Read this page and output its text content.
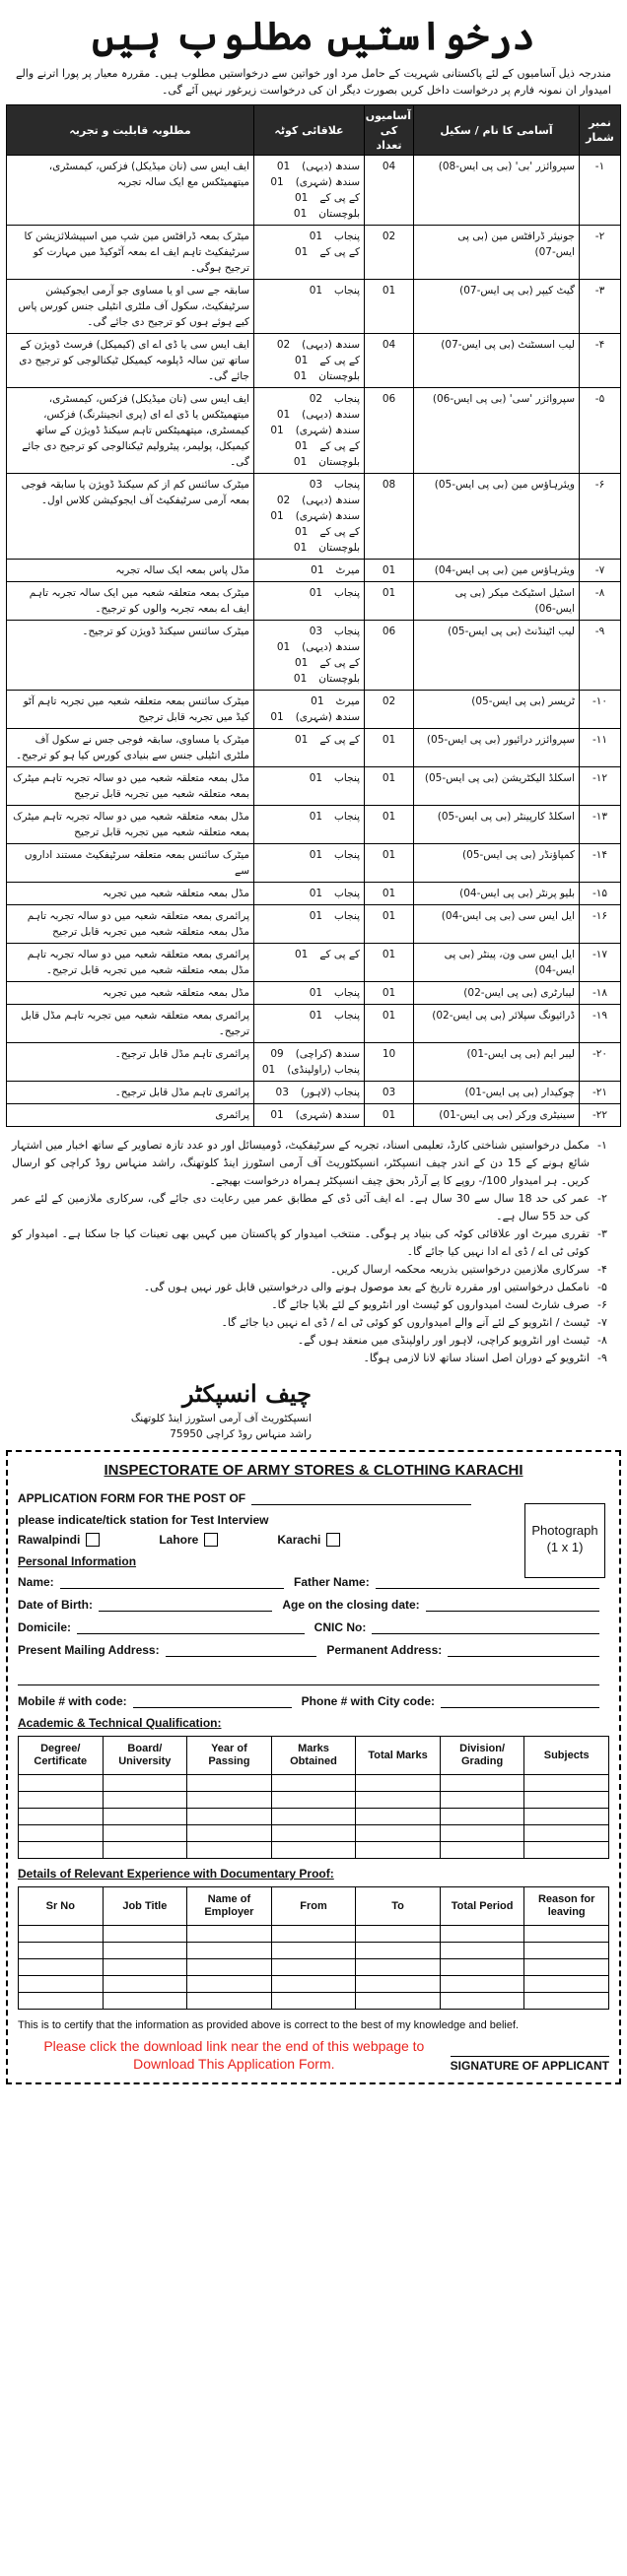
درخواستیں مطلوب ہیں
مندرجہ ذیل آسامیوں کے لئے پاکستانی شہریت کے حامل مرد اور خواتین سے درخواستیں مطلوب ہیں۔ مقررہ معیار پر پورا اترنے والے امیدوار ان نمونہ فارم پر درخواست داخل کریں بصورت دیگر ان کی درخواست زیرغور نہیں آئے گی۔
نمبر شمار	آسامی کا نام / سکیل	آسامیوں کی تعداد	علاقائی کوٹہ	مطلوبہ قابلیت و تجربہ
۱-	سپروائزر 'بی' (بی پی ایس-08)	04	سندھ (دیہی) 01
سندھ (شہری) 01
کے پی کے 01
بلوچستان 01	ایف ایس سی (نان میڈیکل) فزکس، کیمسٹری، میتھمیٹکس مع ایک سالہ تجربہ
۲-	جونیئر ڈرافٹس مین (بی پی ایس-07)	02	پنجاب 01
کے پی کے 01	میٹرک بمعہ ڈرافٹس مین شپ میں اسپیشلائزیشن کا سرٹیفکیٹ تاہم ایف اے بمعہ آٹوکیڈ میں مہارت کو ترجیح ہوگی۔
۳-	گیٹ کیپر (بی پی ایس-07)	01	پنجاب 01	سابقہ جے سی او یا مساوی جو آرمی ایجوکیشن سرٹیفکیٹ، سکول آف ملٹری انٹیلی جنس کورس پاس کیے ہوئے ہوں کو ترجیح دی جائے گی۔
۴-	لیب اسسٹنٹ (بی پی ایس-07)	04	سندھ (دیہی) 02
کے پی کے 01
بلوچستان 01	ایف ایس سی یا ڈی اے ای (کیمیکل) فرسٹ ڈویژن کے ساتھ تین سالہ ڈپلومہ کیمیکل ٹیکنالوجی کو ترجیح دی جائے گی۔
۵-	سپروائزر 'سی' (بی پی ایس-06)	06	پنجاب 02
سندھ (دیہی) 01
سندھ (شہری) 01
کے پی کے 01
بلوچستان 01	ایف ایس سی (نان میڈیکل) فزکس، کیمسٹری، میتھمیٹکس یا ڈی اے ای (پری انجینئرنگ) فزکس، کیمسٹری، میتھمیٹکس تاہم سیکنڈ ڈویژن کے ساتھ کیمیکل، پولیمر، پیٹرولیم ٹیکنالوجی کو ترجیح دی جائے گی۔
۶-	ویئرہاؤس مین (بی پی ایس-05)	08	پنجاب 03
سندھ (دیہی) 02
سندھ (شہری) 01
کے پی کے 01
بلوچستان 01	میٹرک سائنس کم از کم سیکنڈ ڈویژن یا سابقہ فوجی بمعہ آرمی سرٹیفکیٹ آف ایجوکیشن کلاس اول۔
۷-	ویئرہاؤس مین (بی پی ایس-04)	01	میرٹ 01	مڈل پاس بمعہ ایک سالہ تجربہ
۸-	اسٹیل اسٹیکٹ میکر (بی پی ایس-06)	01	پنجاب 01	میٹرک بمعہ متعلقہ شعبہ میں ایک سالہ تجربہ تاہم ایف اے بمعہ تجربہ والوں کو ترجیح۔
۹-	لیب اٹینڈنٹ (بی پی ایس-05)	06	پنجاب 03
سندھ (دیہی) 01
کے پی کے 01
بلوچستان 01	میٹرک سائنس سیکنڈ ڈویژن کو ترجیح۔
۱۰-	ٹریسر (بی پی ایس-05)	02	میرٹ 01
سندھ (شہری) 01	میٹرک سائنس بمعہ متعلقہ شعبہ میں تجربہ تاہم آٹو کیڈ میں تجربہ قابل ترجیح
۱۱-	سپروائزر درائیور (بی پی ایس-05)	01	کے پی کے 01	میٹرک یا مساوی، سابقہ فوجی جس نے سکول آف ملٹری انٹیلی جنس سے بنیادی کورس کیا ہو کو ترجیح۔
۱۲-	اسکلڈ الیکٹریشن (بی پی ایس-05)	01	پنجاب 01	مڈل بمعہ متعلقہ شعبہ میں دو سالہ تجربہ تاہم میٹرک بمعہ متعلقہ شعبہ میں تجربہ قابل ترجیح
۱۳-	اسکلڈ کارپینٹر (بی پی ایس-05)	01	پنجاب 01	مڈل بمعہ متعلقہ شعبہ میں دو سالہ تجربہ تاہم میٹرک بمعہ متعلقہ شعبہ میں تجربہ قابل ترجیح
۱۴-	کمپاؤنڈر (بی پی ایس-05)	01	پنجاب 01	میٹرک سائنس بمعہ متعلقہ سرٹیفکیٹ مستند اداروں سے
۱۵-	بلیو پرنٹر (بی پی ایس-04)	01	پنجاب 01	مڈل بمعہ متعلقہ شعبہ میں تجربہ
۱۶-	ایل ایس سی (بی پی ایس-04)	01	پنجاب 01	پرائمری بمعہ متعلقہ شعبہ میں دو سالہ تجربہ تاہم مڈل بمعہ متعلقہ شعبہ میں تجربہ قابل ترجیح
۱۷-	ایل ایس سی ون، پینٹر (بی پی ایس-04)	01	کے پی کے 01	پرائمری بمعہ متعلقہ شعبہ میں دو سالہ تجربہ تاہم مڈل بمعہ متعلقہ شعبہ میں تجربہ قابل ترجیح۔
۱۸-	لیبارٹری (بی پی ایس-02)	01	پنجاب 01	مڈل بمعہ متعلقہ شعبہ میں تجربہ
۱۹-	ڈرائیونگ سپلائر (بی پی ایس-02)	01	پنجاب 01	پرائمری بمعہ متعلقہ شعبہ میں تجربہ تاہم مڈل قابل ترجیح۔
۲۰-	لیبر ایم (بی پی ایس-01)	10	سندھ (کراچی) 09
پنجاب (راولپنڈی) 01	پرائمری تاہم مڈل قابل ترجیح۔
۲۱-	چوکیدار (بی پی ایس-01)	03	پنجاب (لاہور) 03	پرائمری تاہم مڈل قابل ترجیح۔
۲۲-	سینیٹری ورکر (بی پی ایس-01)	01	سندھ (شہری) 01	پرائمری
۱-
مکمل درخواستیں شناختی کارڈ، تعلیمی اسناد، تجربہ کے سرٹیفکیٹ، ڈومیسائل اور دو عدد تازہ تصاویر کے ساتھ اخبار میں اشتہار شائع ہونے کے 15 دن کے اندر چیف انسپکٹر، انسپکٹوریٹ آف آرمی اسٹورز اینڈ کلوتھنگ، راشد منہاس روڈ کراچی کو ارسال کریں۔ ہر امیدوار 100/- روپے کا پے آرڈر بحق چیف انسپکٹر ہمراہ درخواست بھیجے۔
۲-
عمر کی حد 18 سال سے 30 سال ہے۔ اے ایف آئی ڈی کے مطابق عمر میں رعایت دی جائے گی، سرکاری ملازمین کے لئے عمر کی حد 55 سال ہے۔
۳-
تقرری میرٹ اور علاقائی کوٹہ کی بنیاد پر ہوگی۔ منتخب امیدوار کو پاکستان میں کہیں بھی تعینات کیا جا سکتا ہے۔ امیدوار کو کوئی ٹی اے / ڈی اے ادا نہیں کیا جائے گا۔
۴-
سرکاری ملازمین درخواستیں بذریعہ محکمہ ارسال کریں۔
۵-
نامکمل درخواستیں اور مقررہ تاریخ کے بعد موصول ہونے والی درخواستیں قابل غور نہیں ہوں گی۔
۶-
صرف شارٹ لسٹ امیدواروں کو ٹیسٹ اور انٹرویو کے لئے بلایا جائے گا۔
۷-
ٹیسٹ / انٹرویو کے لئے آنے والے امیدواروں کو کوئی ٹی اے / ڈی اے نہیں دیا جائے گا۔
۸-
ٹیسٹ اور انٹرویو کراچی، لاہور اور راولپنڈی میں منعقد ہوں گے۔
۹-
انٹرویو کے دوران اصل اسناد ساتھ لانا لازمی ہوگا۔
چیف انسپکٹر
انسپکٹوریٹ آف آرمی اسٹورز اینڈ کلوتھنگ
راشد منہاس روڈ کراچی 75950
INSPECTORATE OF ARMY STORES & CLOTHING KARACHI
Photograph
(1 x 1)
APPLICATION FORM FOR THE POST OF
please indicate/tick station for Test Interview
Rawalpindi	Lahore	Karachi
Personal Information
Name:	Father Name:
Date of Birth:	Age on the closing date:
Domicile:	CNIC No:
Present Mailing Address:	Permanent Address:
Mobile # with code:	Phone # with City code:
Academic & Technical Qualification:
Degree/ Certificate	Board/ University	Year of Passing	Marks Obtained	Total Marks	Division/ Grading	Subjects

Details of Relevant Experience with Documentary Proof:
Sr No	Job Title	Name of Employer	From	To	Total Period	Reason for leaving

This is to certify that the information as provided above is correct to the best of my knowledge and belief.
Please click the download link near the end of this webpage to
Download This Application Form.	SIGNATURE OF APPLICANT
